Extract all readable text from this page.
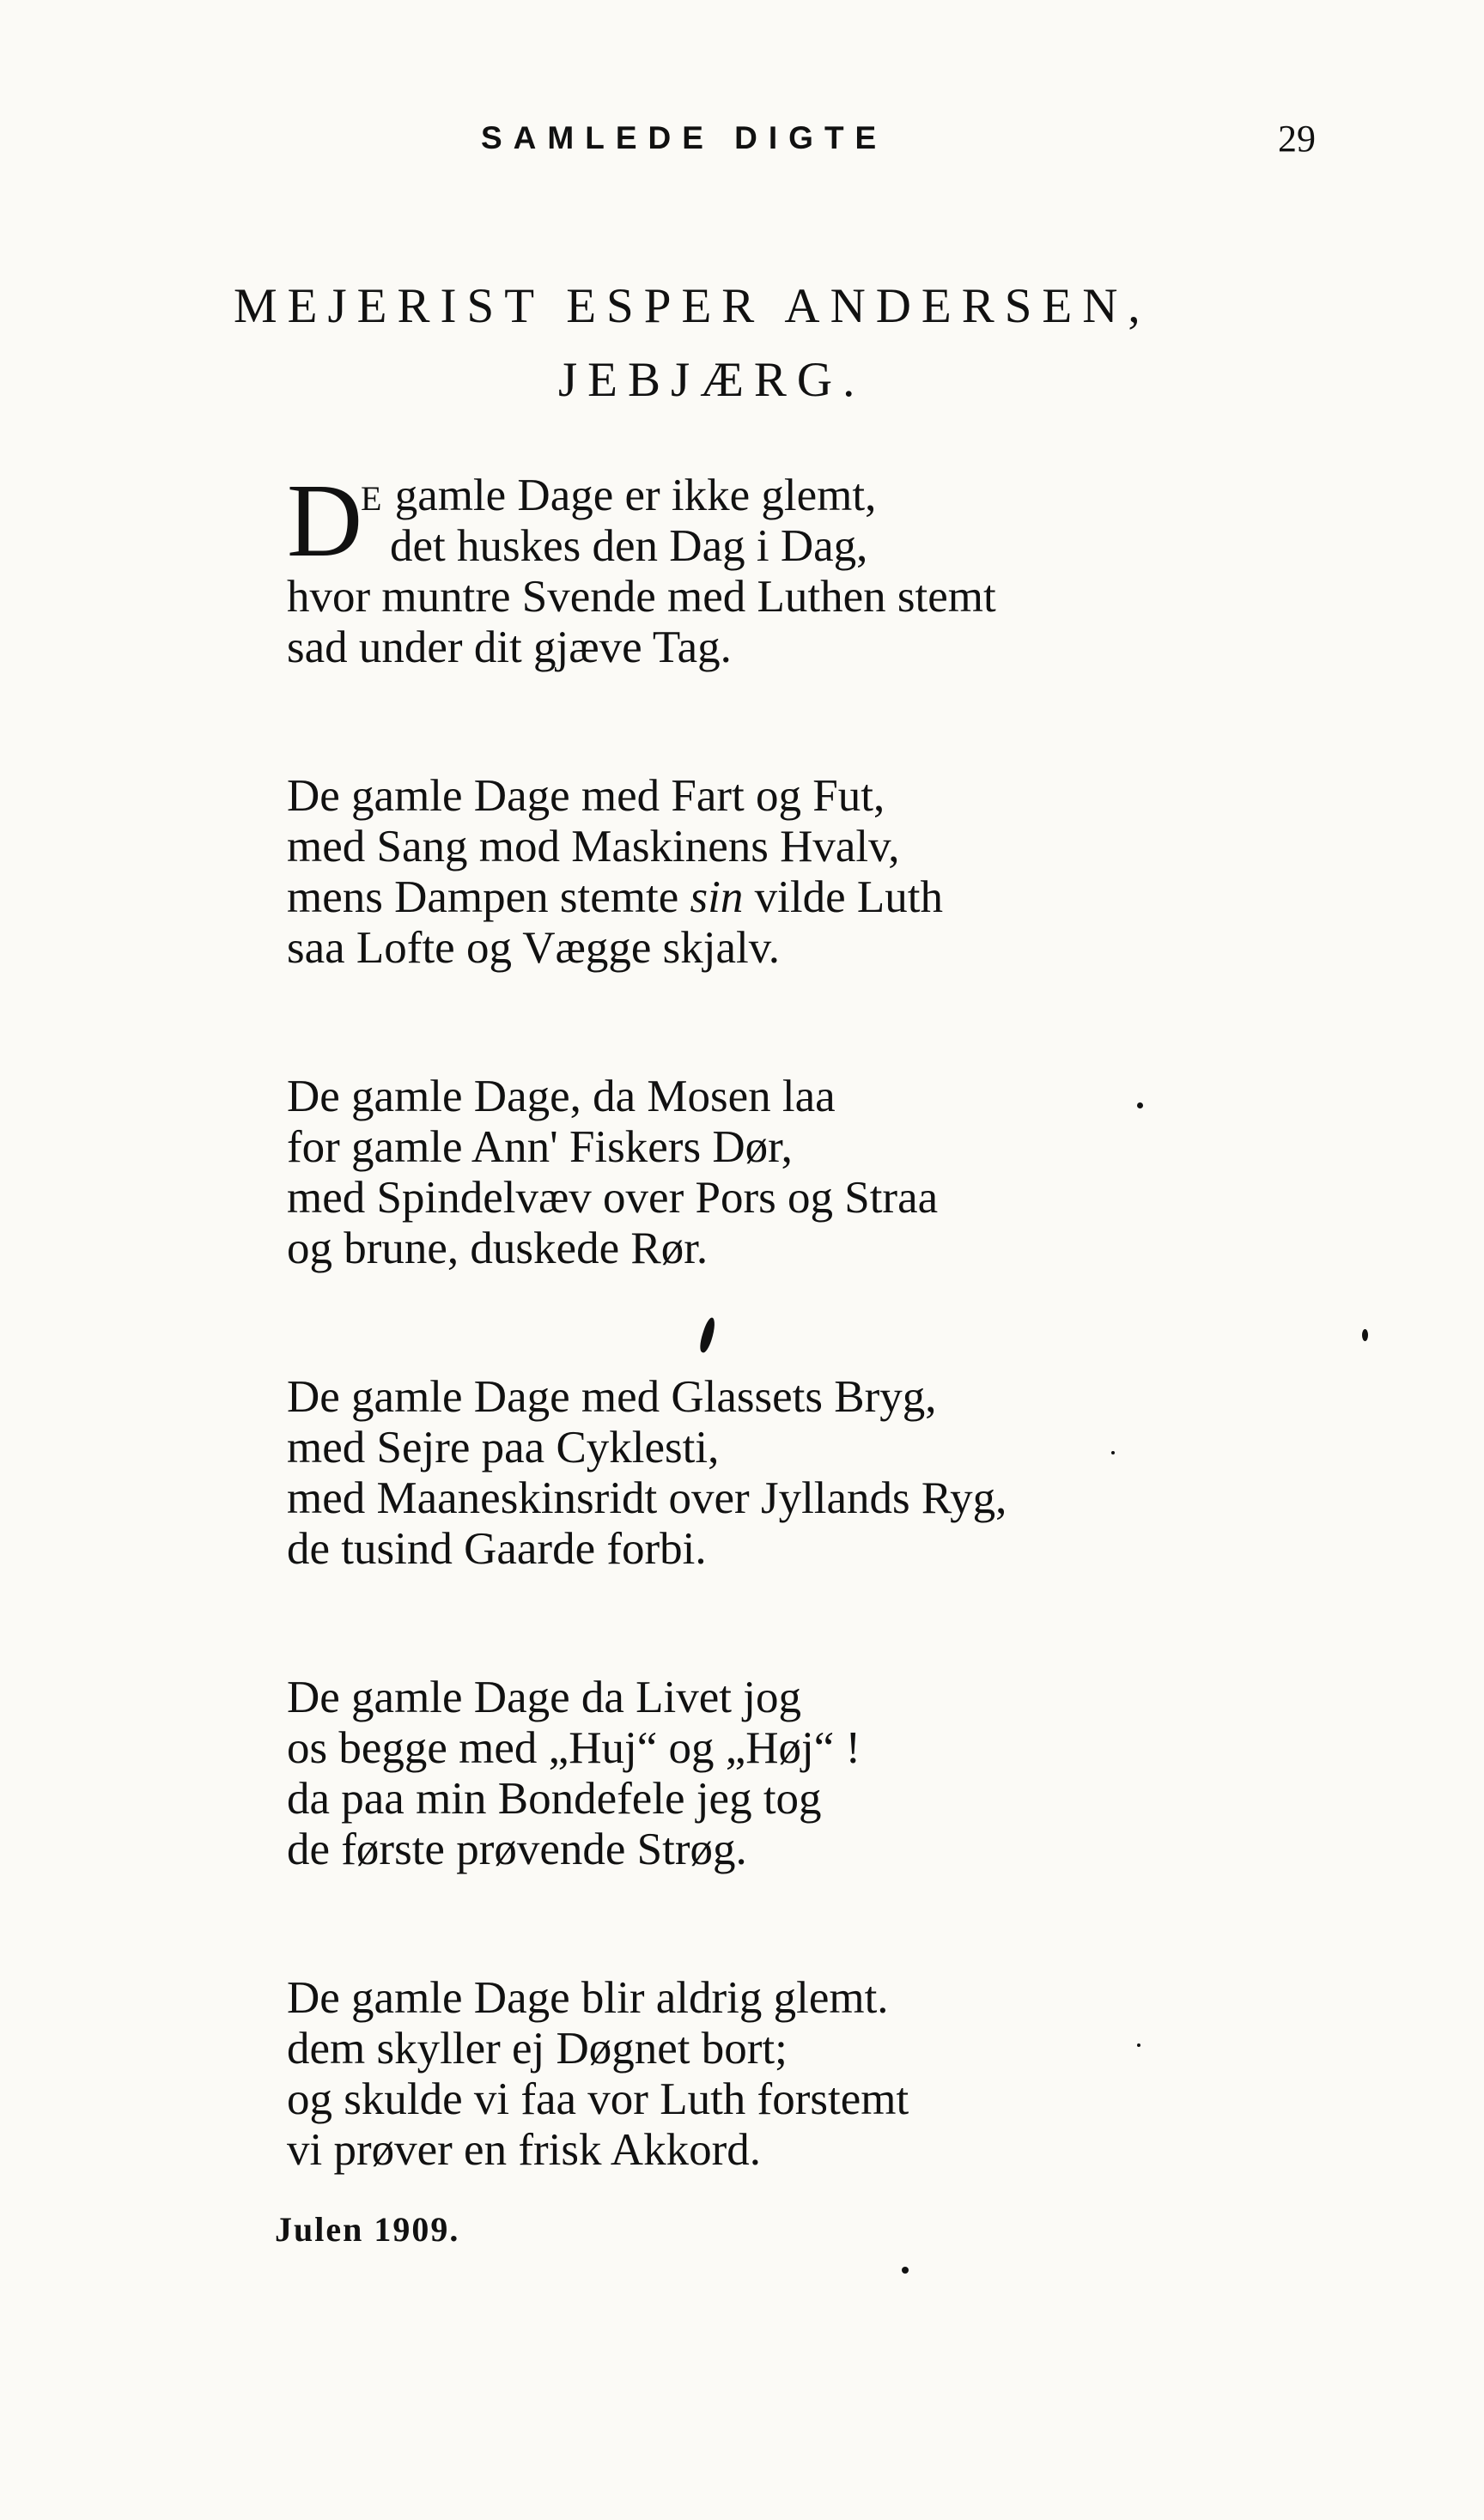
SAMLEDE DIGTE	29
MEJERIST ESPER ANDERSEN,
JEBJÆRG.
D
E gamle Dage er ikke glemt,
det huskes den Dag i Dag,
hvor muntre Svende med Luthen stemt
sad under dit gjæve Tag.
De gamle Dage med Fart og Fut,
med Sang mod Maskinens Hvalv,
mens Dampen stemte sin vilde Luth
saa Lofte og Vægge skjalv.
De gamle Dage, da Mosen laa
for gamle Ann' Fiskers Dør,
med Spindelvæv over Pors og Straa
og brune, duskede Rør.
De gamle Dage med Glassets Bryg,
med Sejre paa Cyklesti,
med Maaneskinsridt over Jyllands Ryg,
de tusind Gaarde forbi.
De gamle Dage da Livet jog
os begge med „Huj“ og „Høj“ !
da paa min Bondefele jeg tog
de første prøvende Strøg.
De gamle Dage blir aldrig glemt.
dem skyller ej Døgnet bort;
og skulde vi faa vor Luth forstemt
vi prøver en frisk Akkord.
Julen 1909.
